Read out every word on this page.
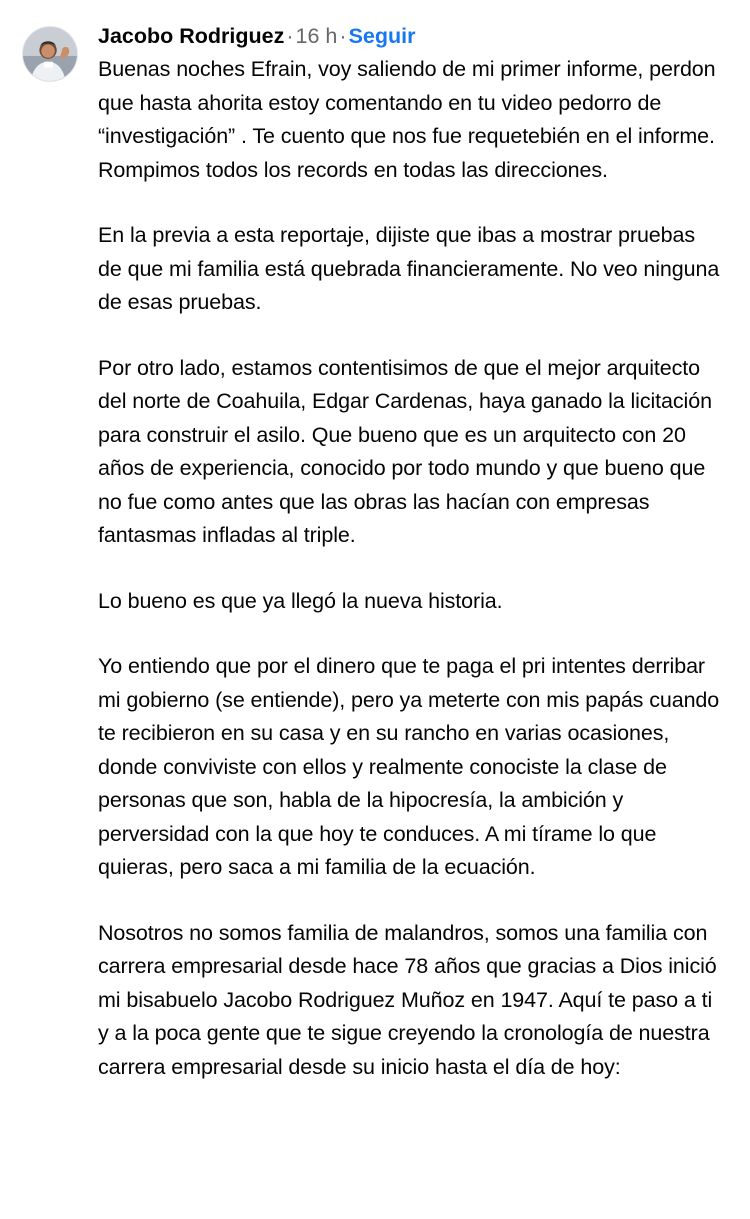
Jacobo Rodriguez·16 h·Seguir

Buenas noches Efrain, voy saliendo de mi primer informe, perdon que hasta ahorita estoy comentando en tu video pedorro de “investigación” . Te cuento que nos fue requetebién en el informe. Rompimos todos los records en todas las direcciones.

En la previa a esta reportaje, dijiste que ibas a mostrar pruebas de que mi familia está quebrada financieramente. No veo ninguna de esas pruebas.

Por otro lado, estamos contentisimos de que el mejor arquitecto del norte de Coahuila, Edgar Cardenas, haya ganado la licitación para construir el asilo. Que bueno que es un arquitecto con 20 años de experiencia, conocido por todo mundo y que bueno que no fue como antes que las obras las hacían con empresas fantasmas infladas al triple.

Lo bueno es que ya llegó la nueva historia.

Yo entiendo que por el dinero que te paga el pri intentes derribar mi gobierno (se entiende), pero ya meterte con mis papás cuando te recibieron en su casa y en su rancho en varias ocasiones, donde conviviste con ellos y realmente conociste la clase de personas que son, habla de la hipocresía, la ambición y perversidad con la que hoy te conduces. A mi tírame lo que quieras, pero saca a mi familia de la ecuación.

Nosotros no somos familia de malandros, somos una familia con carrera empresarial desde hace 78 años que gracias a Dios inició mi bisabuelo Jacobo Rodriguez Muñoz en 1947. Aquí te paso a ti y a la poca gente que te sigue creyendo la cronología de nuestra carrera empresarial desde su inicio hasta el día de hoy:
